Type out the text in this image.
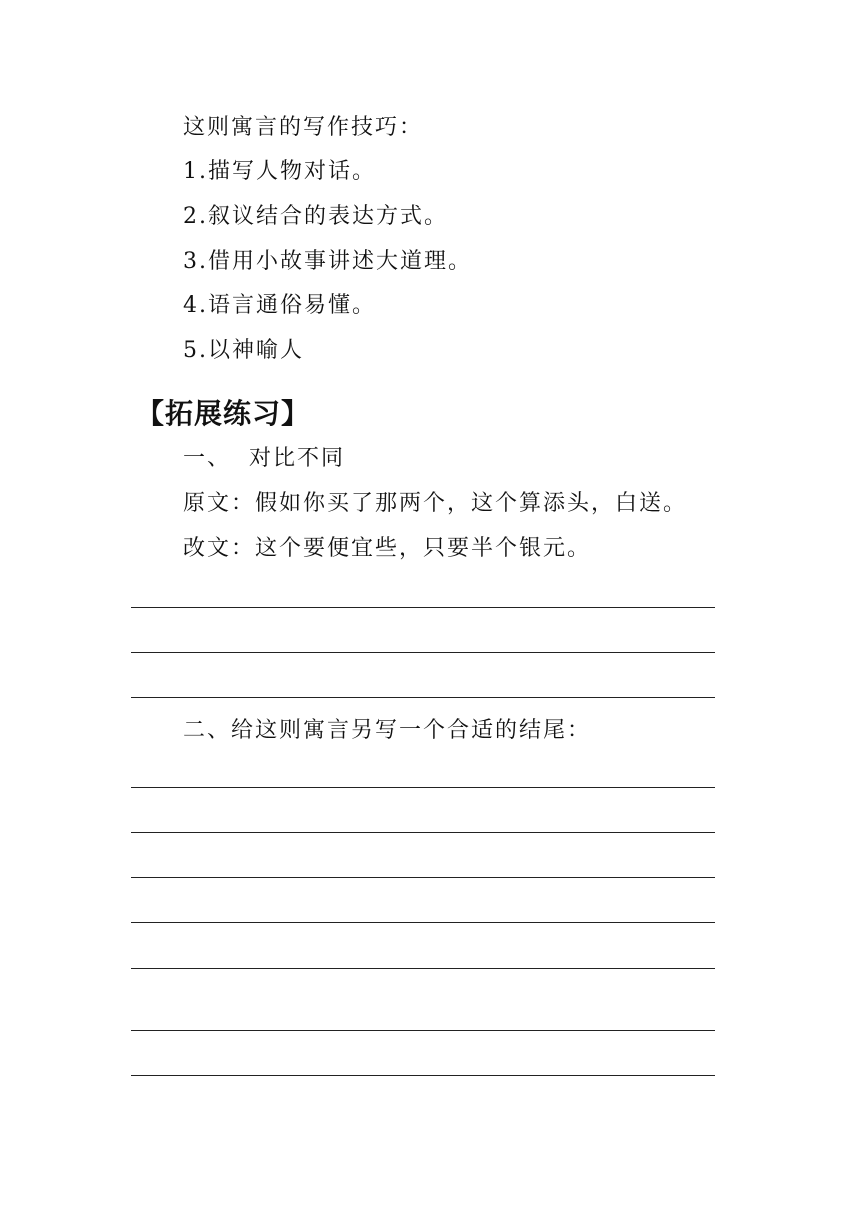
这则寓言的写作技巧：
1.描写人物对话。
2.叙议结合的表达方式。
3.借用小故事讲述大道理。
4.语言通俗易懂。
5.以神喻人
【拓展练习】
一、  对比不同
原文：假如你买了那两个，这个算添头，白送。
改文：这个要便宜些，只要半个银元。
二、给这则寓言另写一个合适的结尾：
